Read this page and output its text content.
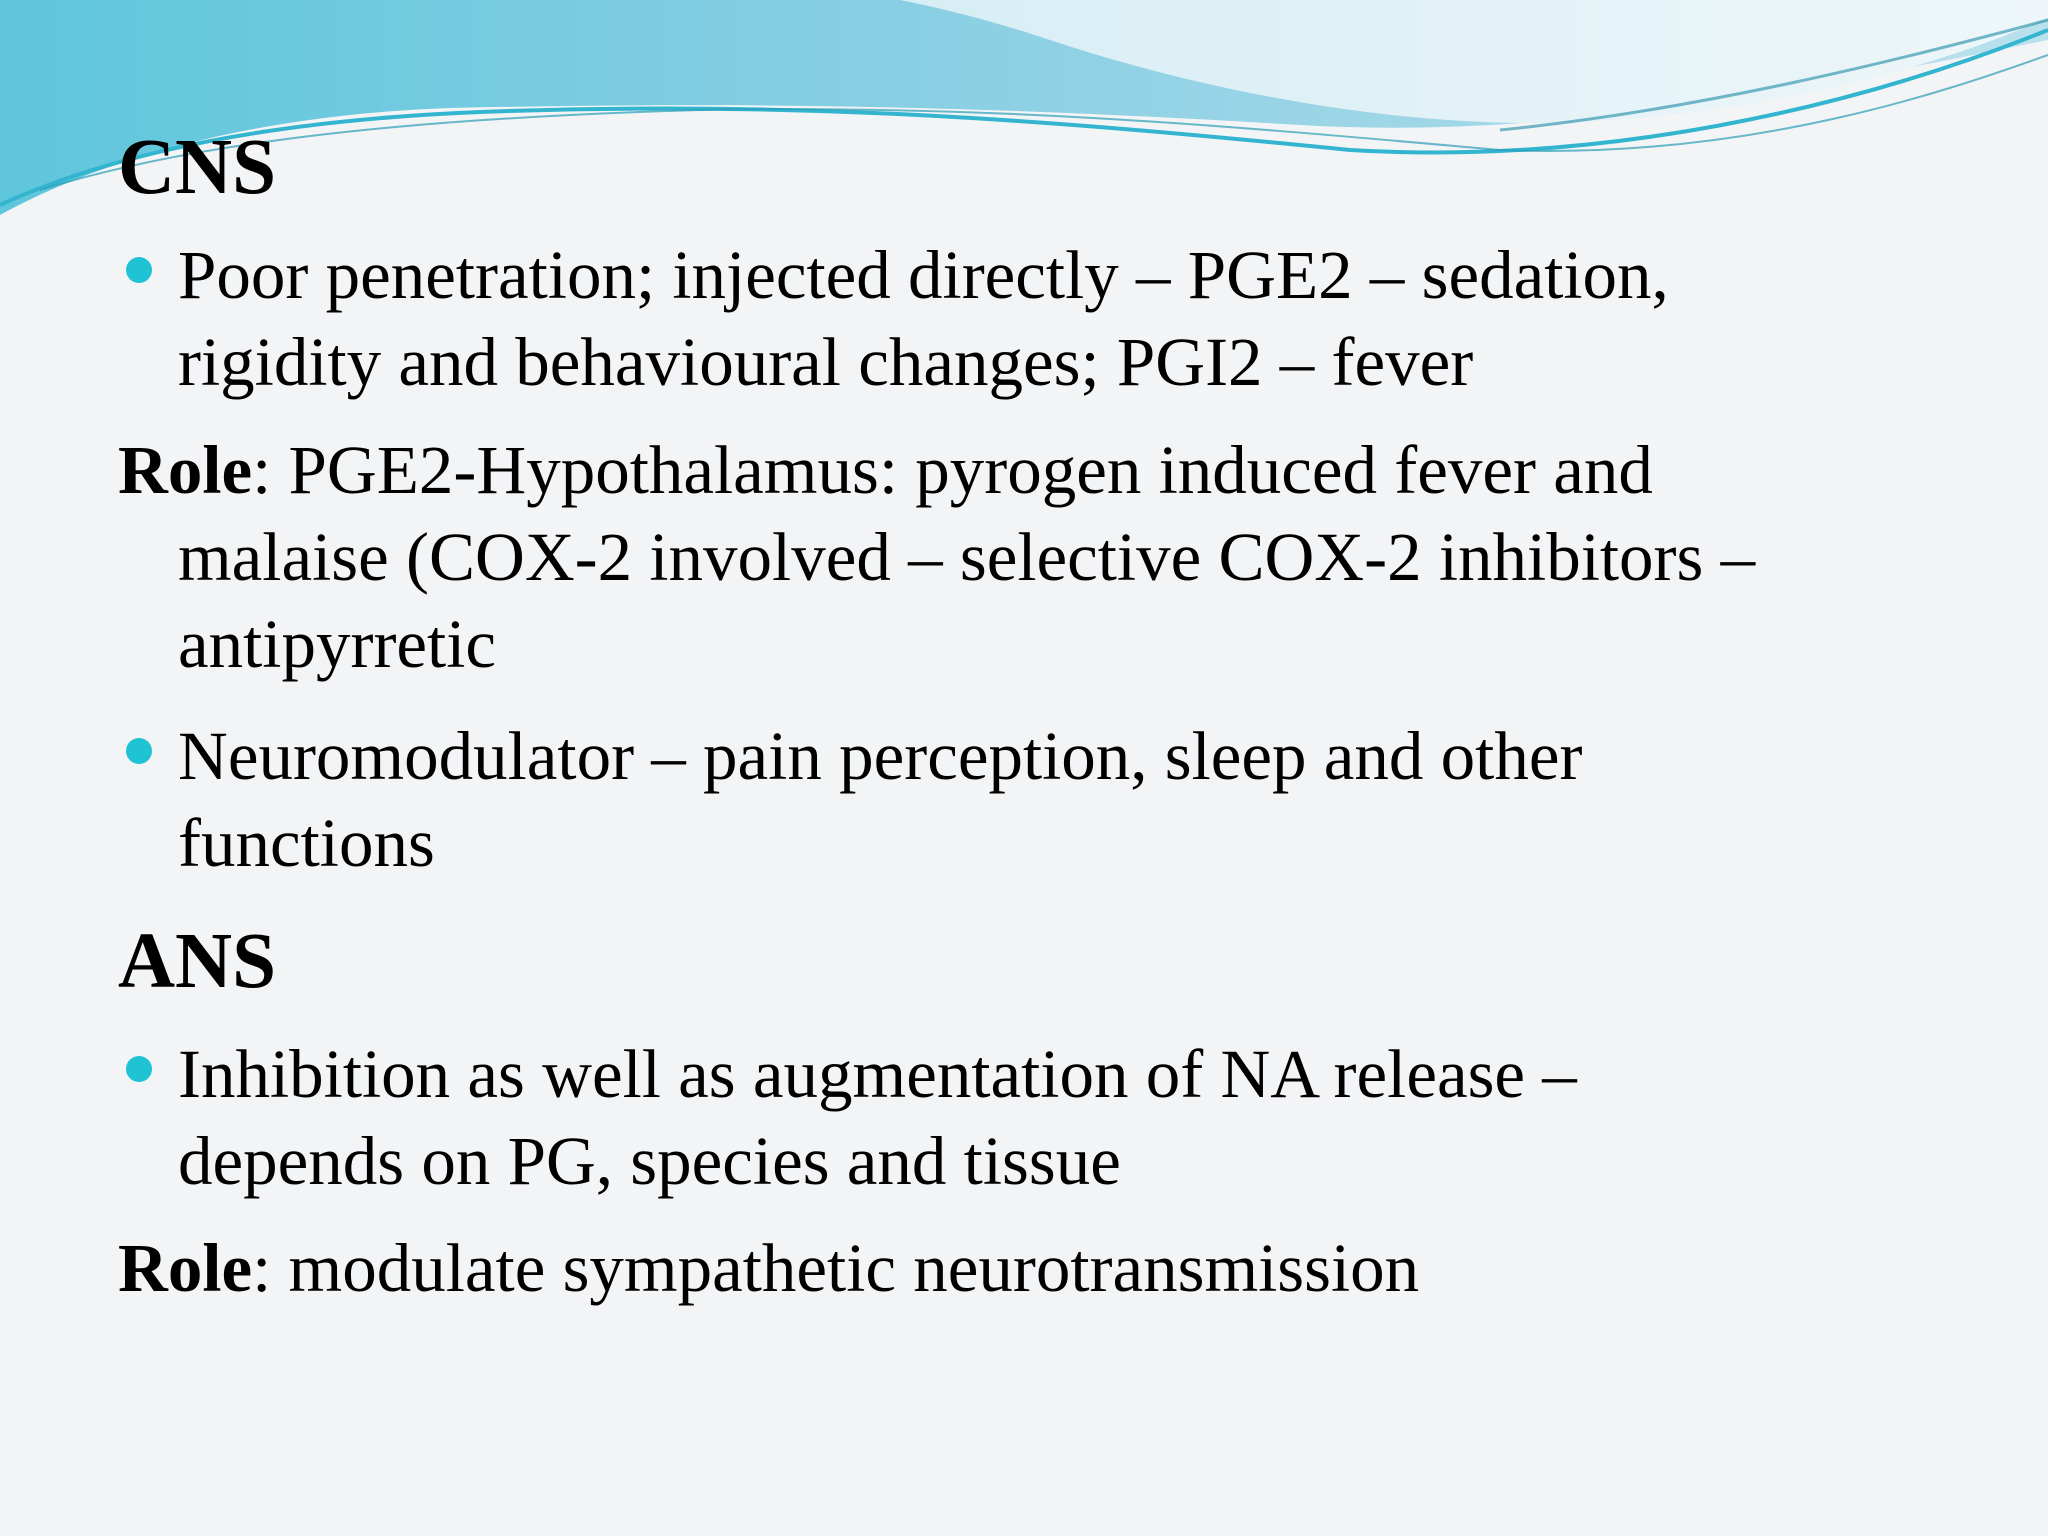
CNS

Poor penetration; injected directly – PGE2 – sedation,
rigidity and behavioural changes; PGI2 – fever

Role: PGE2-Hypothalamus: pyrogen induced fever and
malaise (COX-2 involved – selective COX-2 inhibitors –
antipyrretic

Neuromodulator – pain perception, sleep and other
functions

ANS

Inhibition as well as augmentation of NA release –
depends on PG, species and tissue

Role: modulate sympathetic neurotransmission
